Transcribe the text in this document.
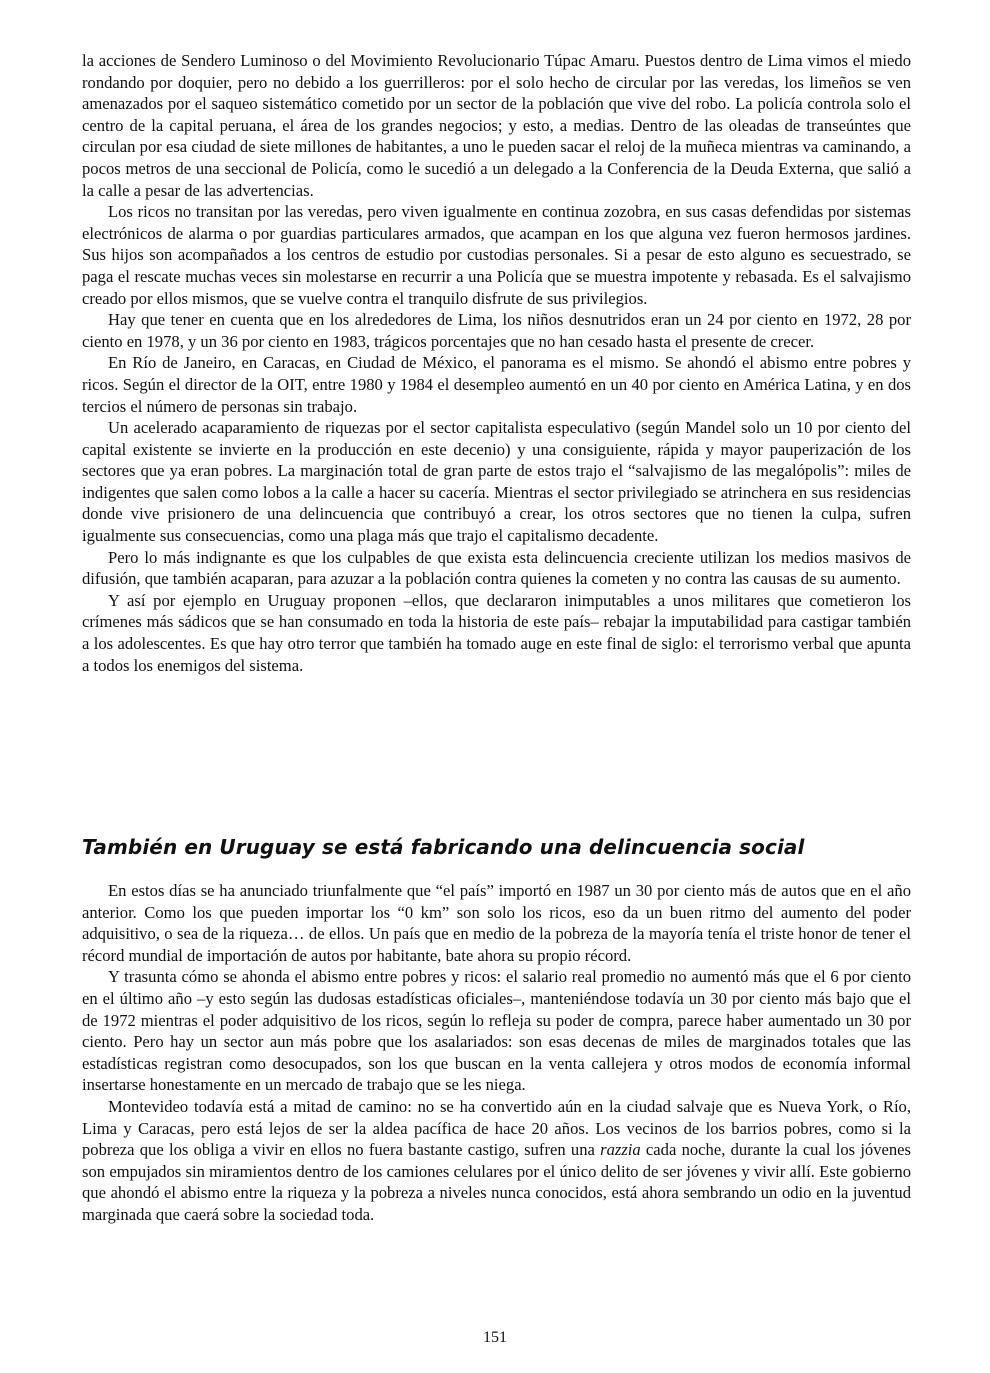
la acciones de Sendero Luminoso o del Movimiento Revolucionario Túpac Amaru. Puestos dentro de Lima vimos el miedo rondando por doquier, pero no debido a los guerrilleros: por el solo hecho de circular por las veredas, los limeños se ven amenazados por el saqueo sistemático cometido por un sector de la población que vive del robo. La policía controla solo el centro de la capital peruana, el área de los grandes negocios; y esto, a medias. Dentro de las oleadas de transeúntes que circulan por esa ciudad de siete millones de habitantes, a uno le pueden sacar el reloj de la muñeca mientras va caminando, a pocos metros de una seccional de Policía, como le sucedió a un delegado a la Conferencia de la Deuda Externa, que salió a la calle a pesar de las advertencias.

Los ricos no transitan por las veredas, pero viven igualmente en continua zozobra, en sus casas defendidas por sistemas electrónicos de alarma o por guardias particulares armados, que acampan en los que alguna vez fueron hermosos jardines. Sus hijos son acompañados a los centros de estudio por custodias personales. Si a pesar de esto alguno es secuestrado, se paga el rescate muchas veces sin molestarse en recurrir a una Policía que se muestra impotente y rebasada. Es el salvajismo creado por ellos mismos, que se vuelve contra el tranquilo disfrute de sus privilegios.

Hay que tener en cuenta que en los alrededores de Lima, los niños desnutridos eran un 24 por ciento en 1972, 28 por ciento en 1978, y un 36 por ciento en 1983, trágicos porcentajes que no han cesado hasta el presente de crecer.

En Río de Janeiro, en Caracas, en Ciudad de México, el panorama es el mismo. Se ahondó el abismo entre pobres y ricos. Según el director de la OIT, entre 1980 y 1984 el desempleo aumentó en un 40 por ciento en América Latina, y en dos tercios el número de personas sin trabajo.

Un acelerado acaparamiento de riquezas por el sector capitalista especulativo (según Mandel solo un 10 por ciento del capital existente se invierte en la producción en este decenio) y una consiguiente, rápida y mayor pauperización de los sectores que ya eran pobres. La marginación total de gran parte de estos trajo el “salvajismo de las megalópolis”: miles de indigentes que salen como lobos a la calle a hacer su cacería. Mientras el sector privilegiado se atrinchera en sus residencias donde vive prisionero de una delincuencia que contribuyó a crear, los otros sectores que no tienen la culpa, sufren igualmente sus consecuencias, como una plaga más que trajo el capitalismo decadente.

Pero lo más indignante es que los culpables de que exista esta delincuencia creciente utilizan los medios masivos de difusión, que también acaparan, para azuzar a la población contra quienes la cometen y no contra las causas de su aumento.

Y así por ejemplo en Uruguay proponen –ellos, que declararon inimputables a unos militares que cometieron los crímenes más sádicos que se han consumado en toda la historia de este país– rebajar la imputabilidad para castigar también a los adolescentes. Es que hay otro terror que también ha tomado auge en este final de siglo: el terrorismo verbal que apunta a todos los enemigos del sistema.

También en Uruguay se está fabricando una delincuencia social

En estos días se ha anunciado triunfalmente que “el país” importó en 1987 un 30 por ciento más de autos que en el año anterior. Como los que pueden importar los “0 km” son solo los ricos, eso da un buen ritmo del aumento del poder adquisitivo, o sea de la riqueza… de ellos. Un país que en medio de la pobreza de la mayoría tenía el triste honor de tener el récord mundial de importación de autos por habitante, bate ahora su propio récord.

Y trasunta cómo se ahonda el abismo entre pobres y ricos: el salario real promedio no aumentó más que el 6 por ciento en el último año –y esto según las dudosas estadísticas oficiales–, manteniéndose todavía un 30 por ciento más bajo que el de 1972 mientras el poder adquisitivo de los ricos, según lo refleja su poder de compra, parece haber aumentado un 30 por ciento. Pero hay un sector aun más pobre que los asalariados: son esas decenas de miles de marginados totales que las estadísticas registran como desocupados, son los que buscan en la venta callejera y otros modos de economía informal insertarse honestamente en un mercado de trabajo que se les niega.

Montevideo todavía está a mitad de camino: no se ha convertido aún en la ciudad salvaje que es Nueva York, o Río, Lima y Caracas, pero está lejos de ser la aldea pacífica de hace 20 años. Los vecinos de los barrios pobres, como si la pobreza que los obliga a vivir en ellos no fuera bastante castigo, sufren una razzia cada noche, durante la cual los jóvenes son empujados sin miramientos dentro de los camiones celulares por el único delito de ser jóvenes y vivir allí. Este gobierno que ahondó el abismo entre la riqueza y la pobreza a niveles nunca conocidos, está ahora sembrando un odio en la juventud marginada que caerá sobre la sociedad toda.

151
